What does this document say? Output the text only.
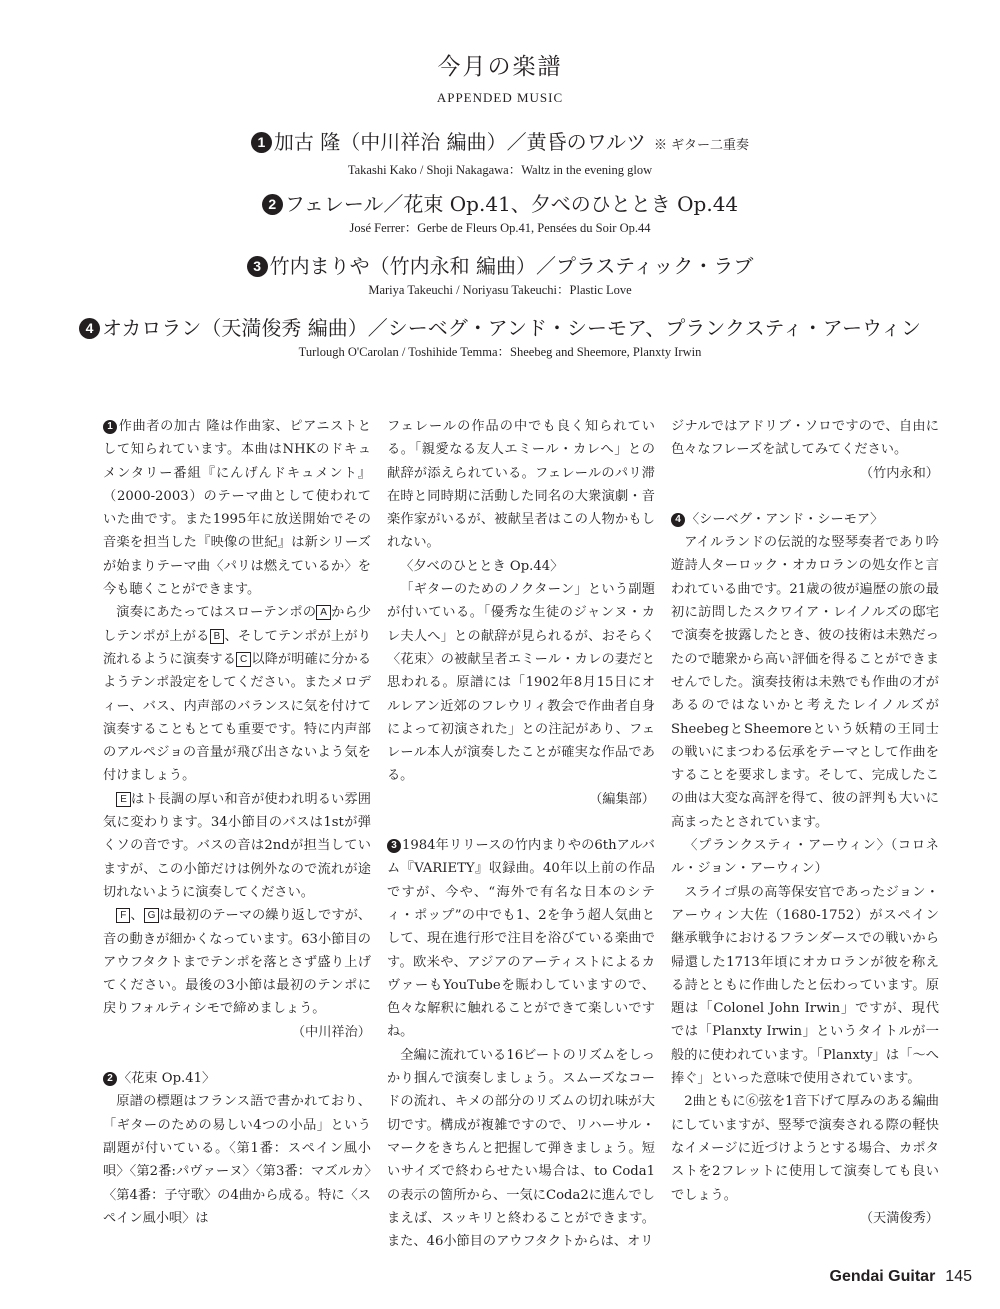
今月の楽譜
APPENDED MUSIC
1 加古 隆（中川祥治 編曲）／黄昏のワルツ ※ ギター二重奏
Takashi Kako / Shoji Nakagawa：Waltz in the evening glow
2 フェレール／花束 Op.41、夕べのひととき Op.44
José Ferrer：Gerbe de Fleurs Op.41, Pensées du Soir Op.44
3 竹内まりや（竹内永和 編曲）／プラスティック・ラブ
Mariya Takeuchi / Noriyasu Takeuchi：Plastic Love
4 オカロラン（天満俊秀 編曲）／シーベグ・アンド・シーモア、プランクスティ・アーウィン
Turlough O'Carolan / Toshihide Temma：Sheebeg and Sheemore, Planxty Irwin

1 作曲者の加古 隆は作曲家、ピアニストとして知られています。本曲はNHKのドキュメンタリー番組『にんげんドキュメント』（2000-2003）のテーマ曲として使われていた曲です。また1995年に放送開始でその音楽を担当した『映像の世紀』は新シリーズが始まりテーマ曲〈パリは燃えているか〉を今も聴くことができます。

演奏にあたってはスローテンポの A から少しテンポが上がる B 、そしてテンポが上がり流れるように演奏する C 以降が明確に分かるようテンポ設定をしてください。またメロディー、バス、内声部のバランスに気を付けて演奏することもとても重要です。特に内声部のアルペジョの音量が飛び出さないよう気を付けましょう。

E はト長調の厚い和音が使われ明るい雰囲気に変わります。34小節目のバスは1stが弾くソの音です。バスの音は2ndが担当していますが、この小節だけは例外なので流れが途切れないように演奏してください。

F 、 G は最初のテーマの繰り返しですが、音の動きが細かくなっています。63小節目のアウフタクトまでテンポを落とさず盛り上げてください。最後の3小節は最初のテンポに戻りフォルティシモで締めましょう。

（中川祥治）

2 〈花束 Op.41〉

原譜の標題はフランス語で書かれており、「ギターのための易しい4つの小品」という副題が付いている。〈第1番：スペイン風小唄〉〈第2番:パヴァーヌ〉〈第3番：マズルカ〉〈第4番：子守歌〉の4曲から成る。特に〈スペイン風小唄〉は

フェレールの作品の中でも良く知られている。「親愛なる友人エミール・カレへ」との献辞が添えられている。フェレールのパリ滞在時と同時期に活動した同名の大衆演劇・音楽作家がいるが、被献呈者はこの人物かもしれない。

〈夕べのひととき Op.44〉

「ギターのためのノクターン」という副題が付いている。「優秀な生徒のジャンヌ・カレ夫人へ」との献辞が見られるが、おそらく〈花束〉の被献呈者エミール・カレの妻だと思われる。原譜には「1902年8月15日にオルレアン近郊のフレウリィ教会で作曲者自身によって初演された」との注記があり、フェレール本人が演奏したことが確実な作品である。

（編集部）

3 1984年リリースの竹内まりやの6thアルバム『VARIETY』収録曲。40年以上前の作品ですが、今や、“海外で有名な日本のシティ・ポップ”の中でも1、2を争う超人気曲として、現在進行形で注目を浴びている楽曲です。欧米や、アジアのアーティストによるカヴァーもYouTubeを賑わしていますので、色々な解釈に触れることができて楽しいですね。

全編に流れている16ビートのリズムをしっかり掴んで演奏しましょう。スムーズなコードの流れ、キメの部分のリズムの切れ味が大切です。構成が複雑ですので、リハーサル・マークをきちんと把握して弾きましょう。短いサイズで終わらせたい場合は、to Coda1の表示の箇所から、一気にCoda2に進んでしまえば、スッキリと終わることができます。また、46小節目のアウフタクトからは、オリ

ジナルではアドリブ・ソロですので、自由に色々なフレーズを試してみてください。

（竹内永和）

4 〈シーベグ・アンド・シーモア〉

アイルランドの伝説的な竪琴奏者であり吟遊詩人ターロック・オカロランの処女作と言われている曲です。21歳の彼が遍歴の旅の最初に訪問したスクワイア・レイノルズの邸宅で演奏を披露したとき、彼の技術は未熟だったので聴衆から高い評価を得ることができませんでした。演奏技術は未熟でも作曲の才があるのではないかと考えたレイノルズがSheebegとSheemoreという妖精の王同士の戦いにまつわる伝承をテーマとして作曲をすることを要求します。そして、完成したこの曲は大変な高評を得て、彼の評判も大いに高まったとされています。

〈プランクスティ・アーウィン〉（コロネル・ジョン・アーウィン）

スライゴ県の高等保安官であったジョン・アーウィン大佐（1680-1752）がスペイン継承戦争におけるフランダースでの戦いから帰還した1713年頃にオカロランが彼を称える詩とともに作曲したと伝わっています。原題は「Colonel John Irwin」ですが、現代では「Planxty Irwin」というタイトルが一般的に使われています。「Planxty」は「〜へ捧ぐ」といった意味で使用されています。

2曲ともに⑥弦を1音下げて厚みのある編曲にしていますが、竪琴で演奏される際の軽快なイメージに近づけようとする場合、カポタストを2フレットに使用して演奏しても良いでしょう。

（天満俊秀）

Gendai Guitar 145
